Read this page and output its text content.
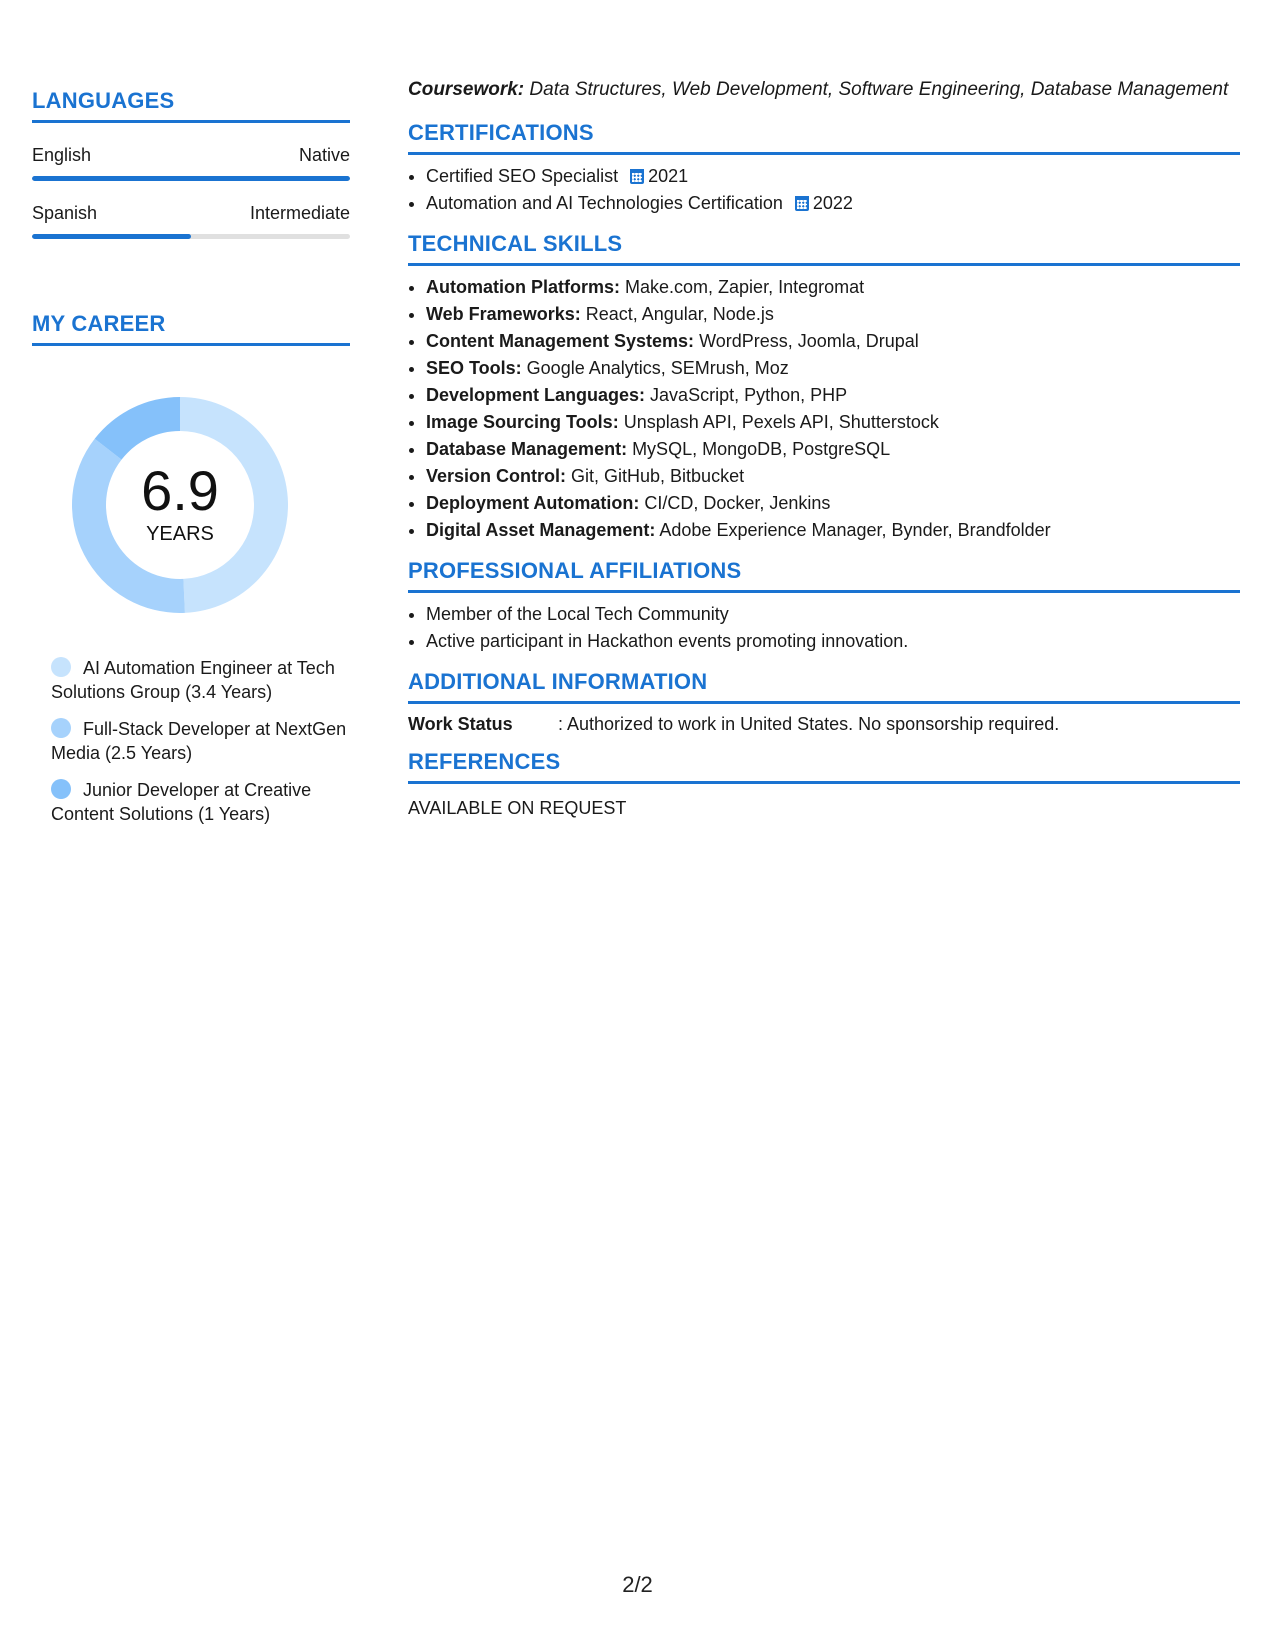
LANGUAGES
English	Native
Spanish	Intermediate
MY CAREER
6.9
YEARS
AI Automation Engineer at Tech Solutions Group (3.4 Years)
Full-Stack Developer at NextGen Media (2.5 Years)
Junior Developer at Creative Content Solutions (1 Years)

Coursework: Data Structures, Web Development, Software Engineering, Database Management

CERTIFICATIONS
• Certified SEO Specialist 2021
• Automation and AI Technologies Certification 2022
TECHNICAL SKILLS
• Automation Platforms: Make.com, Zapier, Integromat
• Web Frameworks: React, Angular, Node.js
• Content Management Systems: WordPress, Joomla, Drupal
• SEO Tools: Google Analytics, SEMrush, Moz
• Development Languages: JavaScript, Python, PHP
• Image Sourcing Tools: Unsplash API, Pexels API, Shutterstock
• Database Management: MySQL, MongoDB, PostgreSQL
• Version Control: Git, GitHub, Bitbucket
• Deployment Automation: CI/CD, Docker, Jenkins
• Digital Asset Management: Adobe Experience Manager, Bynder, Brandfolder
PROFESSIONAL AFFILIATIONS
• Member of the Local Tech Community
• Active participant in Hackathon events promoting innovation.
ADDITIONAL INFORMATION
Work Status	: Authorized to work in United States. No sponsorship required.
REFERENCES
AVAILABLE ON REQUEST
2/2
